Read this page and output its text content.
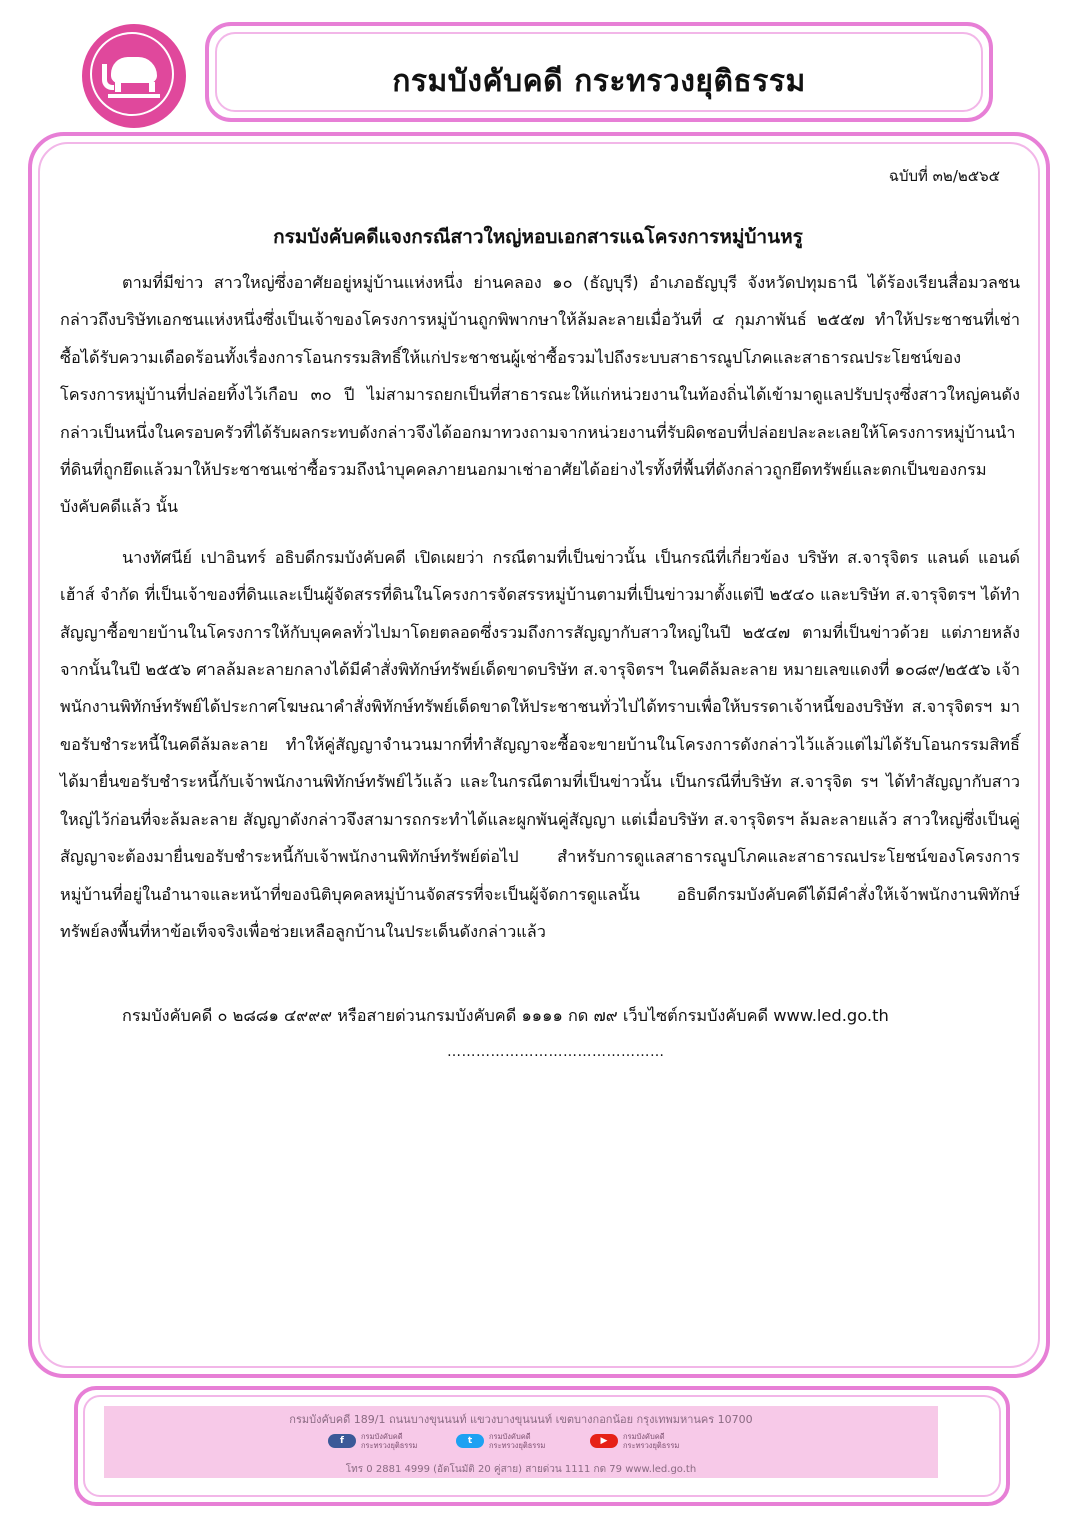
กรมบังคับคดี กระทรวงยุติธรรม
ฉบับที่ ๓๒/๒๕๖๕
กรมบังคับคดีแจงกรณีสาวใหญ่หอบเอกสารแฉโครงการหมู่บ้านหรู

ตามที่มีข่าว สาวใหญ่ซึ่งอาศัยอยู่หมู่บ้านแห่งหนึ่ง ย่านคลอง ๑๐ (ธัญบุรี) อำเภอธัญบุรี จังหวัดปทุมธานี ได้ร้องเรียนสื่อมวลชนกล่าวถึงบริษัทเอกชนแห่งหนึ่งซึ่งเป็นเจ้าของโครงการหมู่บ้านถูกพิพากษาให้ล้มละลายเมื่อวันที่ ๔ กุมภาพันธ์ ๒๕๕๗ ทำให้ประชาชนที่เช่าซื้อได้รับความเดือดร้อนทั้งเรื่องการโอนกรรมสิทธิ์ให้แก่ประชาชนผู้เช่าซื้อรวมไปถึงระบบสาธารณูปโภคและสาธารณประโยชน์ของโครงการหมู่บ้านที่ปล่อยทิ้งไว้เกือบ ๓๐ ปี ไม่สามารถยกเป็นที่สาธารณะให้แก่หน่วยงานในท้องถิ่นได้เข้ามาดูแลปรับปรุงซึ่งสาวใหญ่คนดังกล่าวเป็นหนึ่งในครอบครัวที่ได้รับผลกระทบดังกล่าวจึงได้ออกมาทวงถามจากหน่วยงานที่รับผิดชอบที่ปล่อยปละละเลยให้โครงการหมู่บ้านนำที่ดินที่ถูกยึดแล้วมาให้ประชาชนเช่าซื้อรวมถึงนำบุคคลภายนอกมาเช่าอาศัยได้อย่างไรทั้งที่พื้นที่ดังกล่าวถูกยึดทรัพย์และตกเป็นของกรมบังคับคดีแล้ว นั้น

นางทัศนีย์ เปาอินทร์ อธิบดีกรมบังคับคดี เปิดเผยว่า กรณีตามที่เป็นข่าวนั้น เป็นกรณีที่เกี่ยวข้อง บริษัท ส.จารุจิตร แลนด์ แอนด์ เฮ้าส์ จำกัด ที่เป็นเจ้าของที่ดินและเป็นผู้จัดสรรที่ดินในโครงการจัดสรรหมู่บ้านตามที่เป็นข่าวมาตั้งแต่ปี ๒๕๔๐ และบริษัท ส.จารุจิตรฯ ได้ทำสัญญาซื้อขายบ้านในโครงการให้กับบุคคลทั่วไปมาโดยตลอดซึ่งรวมถึงการสัญญากับสาวใหญ่ในปี ๒๕๔๗ ตามที่เป็นข่าวด้วย แต่ภายหลังจากนั้นในปี ๒๕๕๖ ศาลล้มละลายกลางได้มีคำสั่งพิทักษ์ทรัพย์เด็ดขาดบริษัท ส.จารุจิตรฯ ในคดีล้มละลาย หมายเลขแดงที่ ๑๐๘๙/๒๕๕๖ เจ้าพนักงานพิทักษ์ทรัพย์ได้ประกาศโฆษณาคำสั่งพิทักษ์ทรัพย์เด็ดขาดให้ประชาชนทั่วไปได้ทราบเพื่อให้บรรดาเจ้าหนี้ของบริษัท ส.จารุจิตรฯ มาขอรับชำระหนี้ในคดีล้มละลาย ทำให้คู่สัญญาจำนวนมากที่ทำสัญญาจะซื้อจะขายบ้านในโครงการดังกล่าวไว้แล้วแต่ไม่ได้รับโอนกรรมสิทธิ์ได้มายื่นขอรับชำระหนี้กับเจ้าพนักงานพิทักษ์ทรัพย์ไว้แล้ว และในกรณีตามที่เป็นข่าวนั้น เป็นกรณีที่บริษัท ส.จารุจิต รฯ ได้ทำสัญญากับสาวใหญ่ไว้ก่อนที่จะล้มละลาย สัญญาดังกล่าวจึงสามารถกระทำได้และผูกพันคู่สัญญา แต่เมื่อบริษัท ส.จารุจิตรฯ ล้มละลายแล้ว สาวใหญ่ซึ่งเป็นคู่สัญญาจะต้องมายื่นขอรับชำระหนี้กับเจ้าพนักงานพิทักษ์ทรัพย์ต่อไป สำหรับการดูแลสาธารณูปโภคและสาธารณประโยชน์ของโครงการหมู่บ้านที่อยู่ในอำนาจและหน้าที่ของนิติบุคคลหมู่บ้านจัดสรรที่จะเป็นผู้จัดการดูแลนั้น อธิบดีกรมบังคับคดีได้มีคำสั่งให้เจ้าพนักงานพิทักษ์ทรัพย์ลงพื้นที่หาข้อเท็จจริงเพื่อช่วยเหลือลูกบ้านในประเด็นดังกล่าวแล้ว

กรมบังคับคดี ๐ ๒๘๘๑ ๔๙๙๙ หรือสายด่วนกรมบังคับคดี ๑๑๑๑ กด ๗๙ เว็บไซต์กรมบังคับคดี www.led.go.th
………………………………………
กรมบังคับคดี 189/1 ถนนบางขุนนนท์ แขวงบางขุนนนท์ เขตบางกอกน้อย กรุงเทพมหานคร 10700
f	กรมบังคับคดี
กระทรวงยุติธรรม	t	กรมบังคับคดี
กระทรวงยุติธรรม	▶	กรมบังคับคดี
กระทรวงยุติธรรม
โทร 0 2881 4999 (อัตโนมัติ 20 คู่สาย) สายด่วน 1111 กด 79 www.led.go.th
